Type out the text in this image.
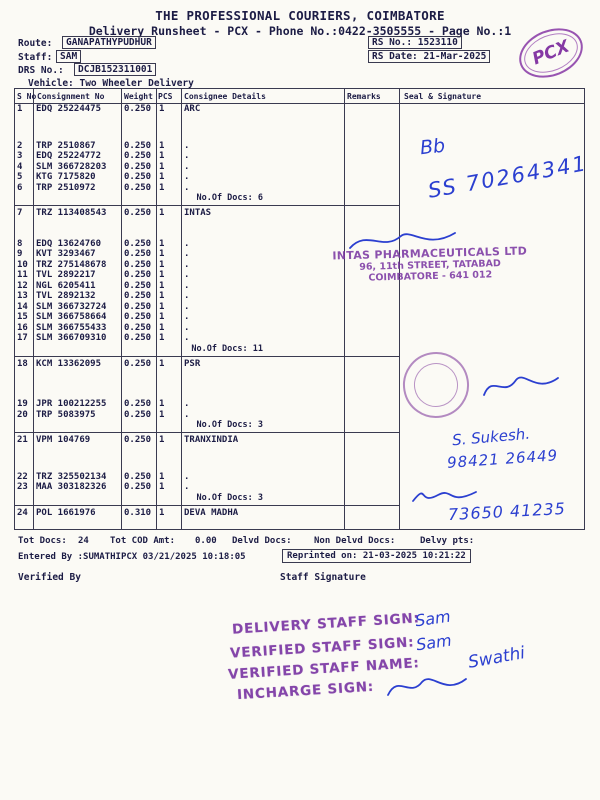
THE PROFESSIONAL COURIERS, COIMBATORE
Delivery Runsheet - PCX - Phone No.:0422-3505555 - Page No.:1
Route:	GANAPATHYPUDHUR	RS No.: 1523110
Staff: SAM	RS Date: 21-Mar-2025
DRS No.:	DCJB152311001
Vehicle: Two Wheeler Delivery
PCX
S No Consignment No Weight PCS Consignee Details	Remarks	Seal & Signature
1	EDQ 25224475	0.250 1	ARC
2	TRP 2510867	0.250 1	.
3	EDQ 25224772	0.250 1	.
4	SLM 366728203	0.250 1	.
5	KTG 7175820	0.250 1	.
6	TRP 2510972	0.250 1	.
No.Of Docs: 6
7	TRZ 113408543	0.250 1	INTAS
8	EDQ 13624760	0.250 1	.
9	KVT 3293467	0.250 1	.
10 TRZ 275148678	0.250 1	.
11 TVL 2892217	0.250 1	.
12 NGL 6205411	0.250 1	.
13 TVL 2892132	0.250 1	.
14 SLM 366732724	0.250 1	.
15 SLM 366758664	0.250 1	.
16 SLM 366755433	0.250 1	.
17 SLM 366709310	0.250 1	.
No.Of Docs: 11
18 KCM 13362095	0.250 1	PSR
19 JPR 100212255	0.250 1	.
20 TRP 5083975	0.250 1	.
No.Of Docs: 3
21 VPM 104769	0.250 1	TRANXINDIA
22 TRZ 325502134	0.250 1	.
23 MAA 303182326	0.250 1	.
No.Of Docs: 3
24 POL 1661976	0.310 1	DEVA MADHA
Tot Docs: 24 Tot COD Amt: 0.00 Delvd Docs: Non Delvd Docs:	Delvy pts:
Entered By :SUMATHIPCX 03/21/2025 10:18:05	Reprinted on: 21-03-2025 10:21:22
Verified By	Staff Signature
Bb
SS 70264341
INTAS PHARMACEUTICALS LTD
96, 11th STREET, TATABAD
COIMBATORE - 641 012
S. Sukesh.
98421 26449
73650 41235
DELIVERY STAFF SIGN:
VERIFIED STAFF SIGN:
VERIFIED STAFF NAME:
INCHARGE SIGN:
Sam
Sam
Swathi
